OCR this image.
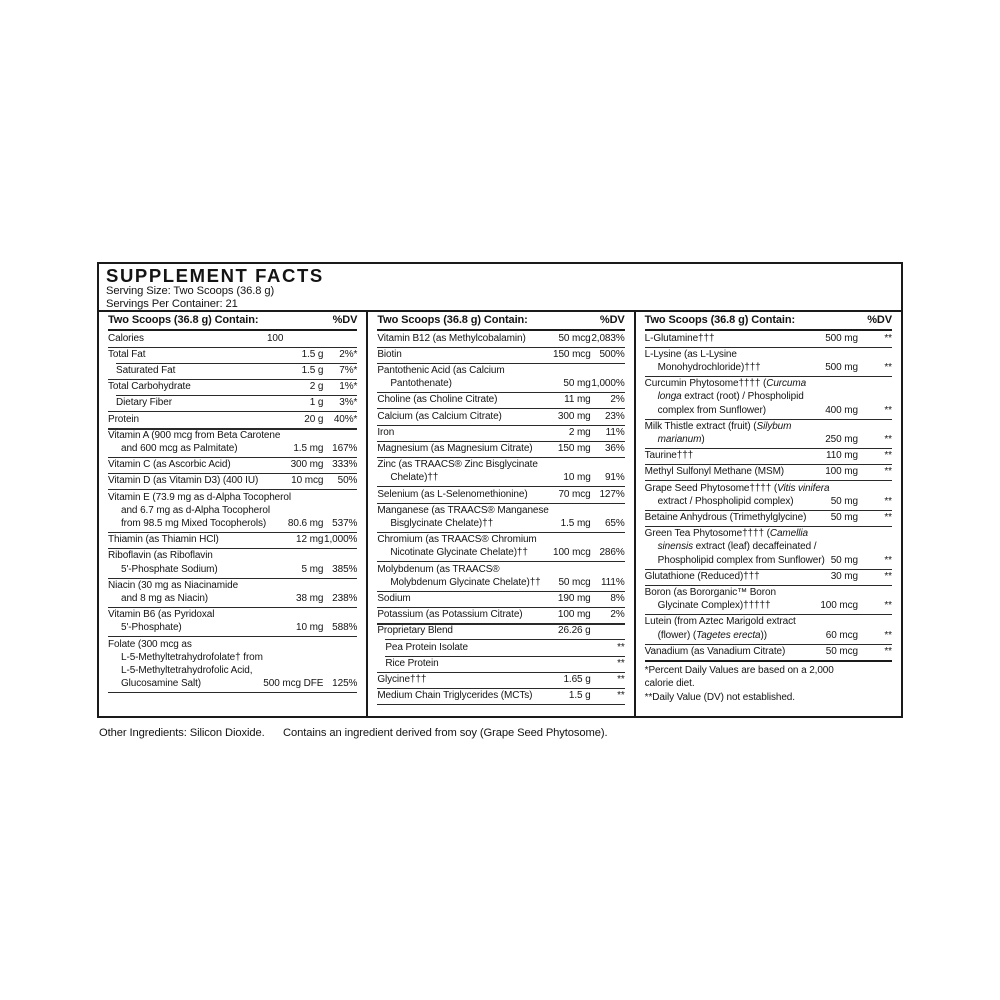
SUPPLEMENT FACTS
Serving Size: Two Scoops (36.8 g)
Servings Per Container: 21
Two Scoops (36.8 g) Contain:	%DV
Calories	100
Total Fat	1.5 g	2%*
Saturated Fat	1.5 g	7%*
Total Carbohydrate	2 g	1%*
Dietary Fiber	1 g	3%*
Protein	20 g	40%*
Vitamin A (900 mcg from Beta Carotene
and 600 mcg as Palmitate)	1.5 mg 167%
Vitamin C (as Ascorbic Acid)	300 mg 333%
Vitamin D (as Vitamin D3) (400 IU)	10 mcg	50%
Vitamin E (73.9 mg as d-Alpha Tocopherol
and 6.7 mg as d-Alpha Tocopherol
from 98.5 mg Mixed Tocopherols)	80.6 mg 537%
Thiamin (as Thiamin HCl)	12 mg 1,000%
Riboflavin (as Riboflavin
5'-Phosphate Sodium)	5 mg 385%
Niacin (30 mg as Niacinamide
and 8 mg as Niacin)	38 mg 238%
Vitamin B6 (as Pyridoxal
5'-Phosphate)	10 mg 588%
Folate (300 mcg as
L-5-Methyltetrahydrofolate† from
L-5-Methyltetrahydrofolic Acid,
Glucosamine Salt)	500 mcg DFE 125%
Two Scoops (36.8 g) Contain:	%DV
Vitamin B12 (as Methylcobalamin)	50 mcg 2,083%
Biotin	150 mcg 500%
Pantothenic Acid (as Calcium
Pantothenate)	50 mg 1,000%
Choline (as Choline Citrate)	11 mg	2%
Calcium (as Calcium Citrate)	300 mg	23%
Iron	2 mg	11%
Magnesium (as Magnesium Citrate)	150 mg	36%
Zinc (as TRAACS® Zinc Bisglycinate
Chelate)††	10 mg	91%
Selenium (as L-Selenomethionine)	70 mcg 127%
Manganese (as TRAACS® Manganese
Bisglycinate Chelate)††	1.5 mg	65%
Chromium (as TRAACS® Chromium
Nicotinate Glycinate Chelate)††	100 mcg 286%
Molybdenum (as TRAACS®
Molybdenum Glycinate Chelate)††	50 mcg	111%
Sodium	190 mg	8%
Potassium (as Potassium Citrate)	100 mg	2%
Proprietary Blend	26.26 g
Pea Protein Isolate	**
Rice Protein	**
Glycine†††	1.65 g	**
Medium Chain Triglycerides (MCTs)	1.5 g	**
Two Scoops (36.8 g) Contain:	%DV
L-Glutamine†††	500 mg	**
L-Lysine (as L-Lysine
Monohydrochloride)†††	500 mg	**
Curcumin Phytosome†††† (Curcuma
longa extract (root) / Phospholipid
complex from Sunflower)	400 mg	**
Milk Thistle extract (fruit) (Silybum
marianum)	250 mg	**
Taurine†††	110 mg	**
Methyl Sulfonyl Methane (MSM)	100 mg	**
Grape Seed Phytosome†††† (Vitis vinifera
extract / Phospholipid complex)	50 mg	**
Betaine Anhydrous (Trimethylglycine)	50 mg	**
Green Tea Phytosome†††† (Camellia
sinensis extract (leaf) decaffeinated /
Phospholipid complex from Sunflower) 50 mg	**
Glutathione (Reduced)†††	30 mg	**
Boron (as Bororganic™ Boron
Glycinate Complex)†††††	100 mcg	**
Lutein (from Aztec Marigold extract
(flower) (Tagetes erecta))	60 mcg	**
Vanadium (as Vanadium Citrate)	50 mcg	**
*Percent Daily Values are based on a 2,000
calorie diet.
**Daily Value (DV) not established.
Other Ingredients: Silicon Dioxide. Contains an ingredient derived from soy (Grape Seed Phytosome).
